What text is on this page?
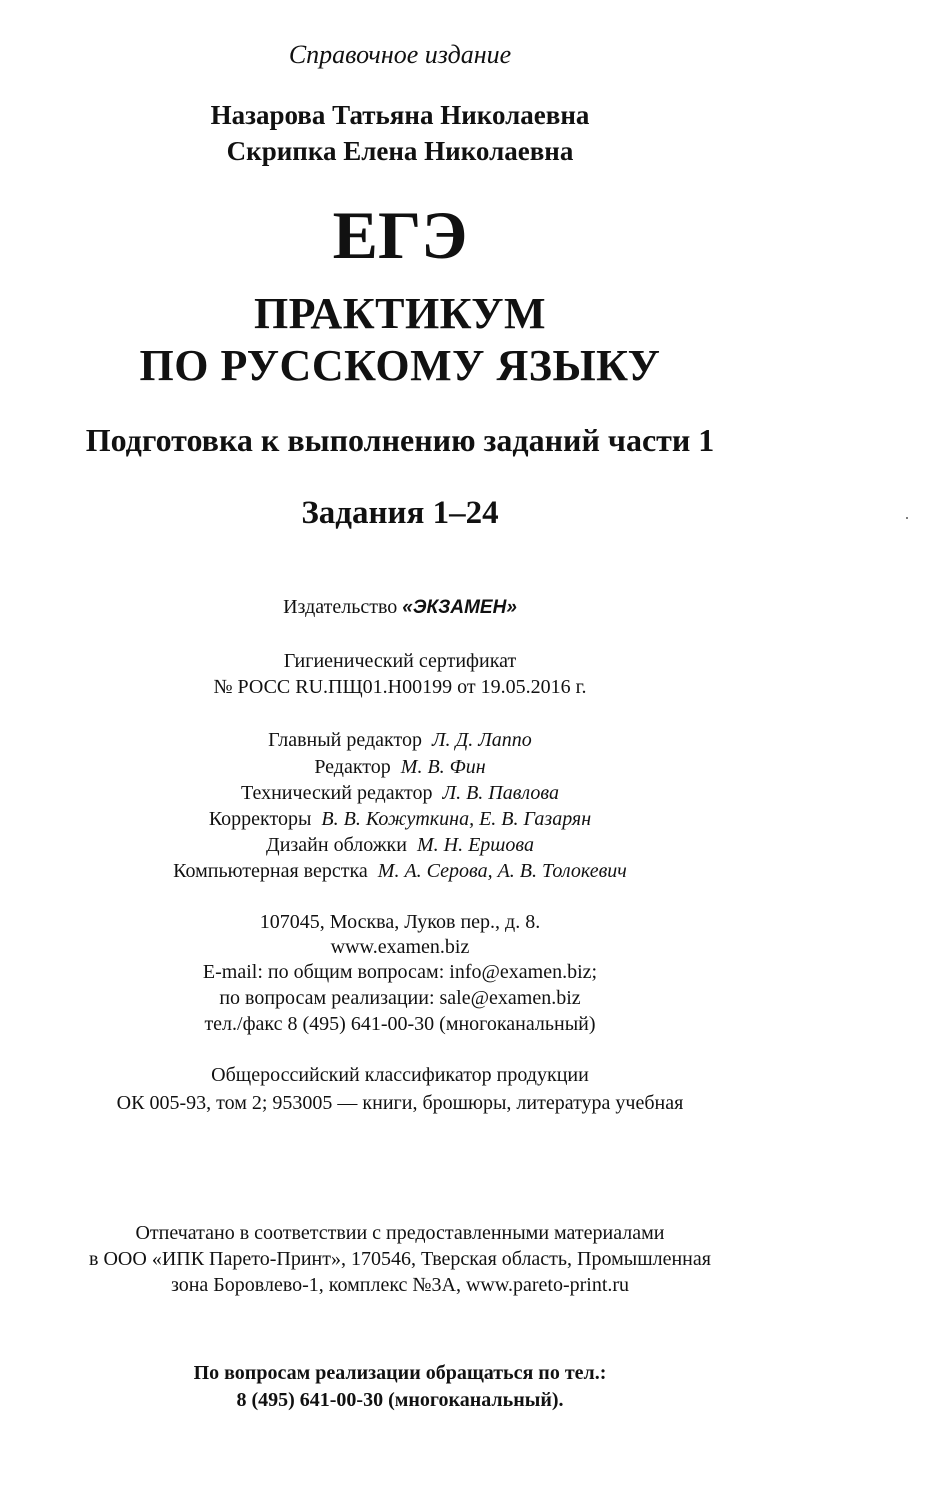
Справочное издание
Назарова Татьяна Николаевна
Скрипка Елена Николаевна
ЕГЭ
ПРАКТИКУМ
ПО РУССКОМУ ЯЗЫКУ
Подготовка к выполнению заданий части 1
Задания 1–24
Издательство «ЭКЗАМЕН»
Гигиенический сертификат
№ РОСС RU.ПЩ01.Н00199 от 19.05.2016 г.
Главный редактор Л. Д. Лаппо
Редактор М. В. Фин
Технический редактор Л. В. Павлова
Корректоры В. В. Кожуткина, Е. В. Газарян
Дизайн обложки М. Н. Ершова
Компьютерная верстка М. А. Серова, А. В. Толокевич
107045, Москва, Луков пер., д. 8.
www.examen.biz
E-mail: по общим вопросам: info@examen.biz;
по вопросам реализации: sale@examen.biz
тел./факс 8 (495) 641-00-30 (многоканальный)
Общероссийский классификатор продукции
ОК 005-93, том 2; 953005 — книги, брошюры, литература учебная
Отпечатано в соответствии с предоставленными материалами
в ООО «ИПК Парето-Принт», 170546, Тверская область, Промышленная
зона Боровлево-1, комплекс №3А, www.pareto-print.ru
По вопросам реализации обращаться по тел.:
8 (495) 641-00-30 (многоканальный).
